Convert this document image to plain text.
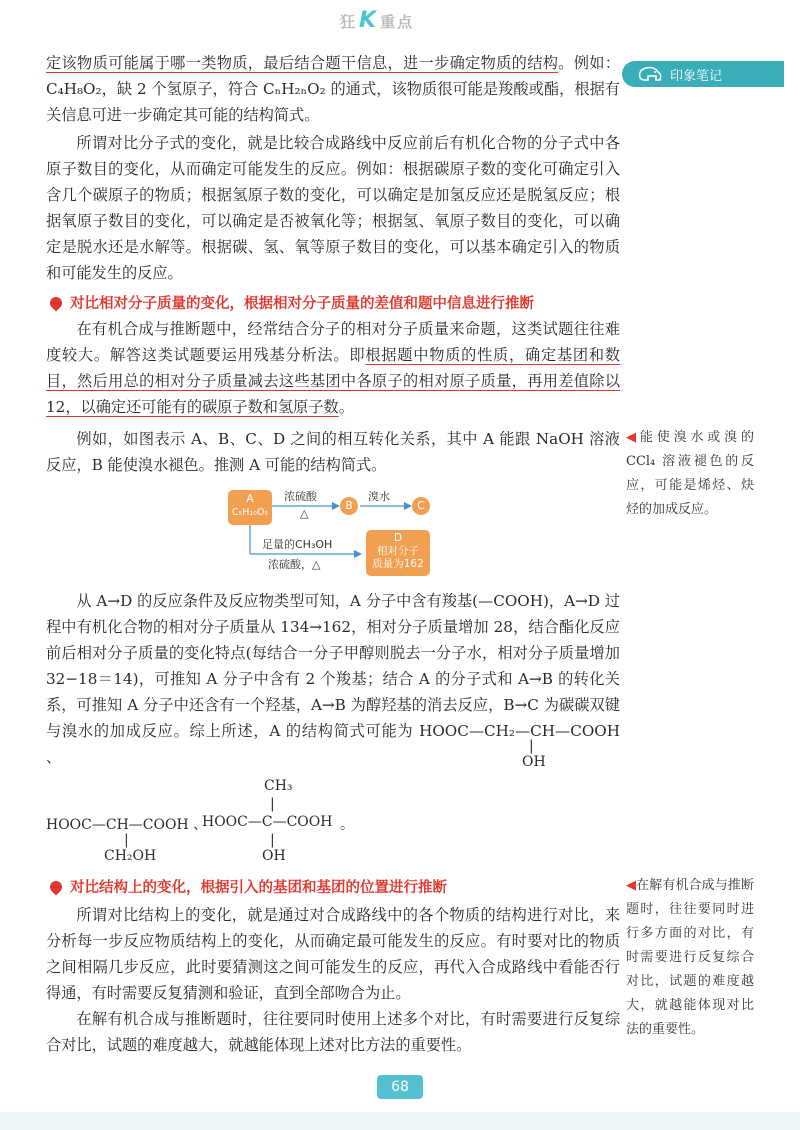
狂K 重点
印象笔记

定该物质可能属于哪一类物质，最后结合题干信息，进一步确定物质的结构。例如：C₄H₈O₂，缺 2 个氢原子，符合 CₙH₂ₙO₂ 的通式，该物质很可能是羧酸或酯，根据有关信息可进一步确定其可能的结构简式。

所谓对比分子式的变化，就是比较合成路线中反应前后有机化合物的分子式中各原子数目的变化，从而确定可能发生的反应。例如：根据碳原子数的变化可确定引入含几个碳原子的物质；根据氢原子数的变化，可以确定是加氢反应还是脱氢反应；根据氧原子数目的变化，可以确定是否被氧化等；根据氢、氧原子数目的变化，可以确定是脱水还是水解等。根据碳、氢、氧等原子数目的变化，可以基本确定引入的物质和可能发生的反应。

对比相对分子质量的变化，根据相对分子质量的差值和题中信息进行推断

在有机合成与推断题中，经常结合分子的相对分子质量来命题，这类试题往往难度较大。解答这类试题要运用残基分析法。即根据题中物质的性质，确定基团和数目，然后用总的相对分子质量减去这些基团中各原子的相对原子质量，再用差值除以 12，以确定还可能有的碳原子数和氢原子数。

例如，如图表示 A、B、C、D 之间的相互转化关系，其中 A 能跟 NaOH 溶液反应，B 能使溴水褪色。推测 A 可能的结构简式。

◀能使溴水或溴的 CCl₄ 溶液褪色的反应，可能是烯烃、炔烃的加成反应。
A
C₅H₁₀O₅
B	C
D
相对分子
质量为162
浓硫酸
△
溴水
足量的CH₃OH
浓硫酸，△

从 A→D 的反应条件及反应物类型可知，A 分子中含有羧基(—COOH)，A→D 过程中有机化合物的相对分子质量从 134→162，相对分子质量增加 28，结合酯化反应前后相对分子质量的变化特点(每结合一分子甲醇则脱去一分子水，相对分子质量增加 32−18＝14)，可推知 A 分子中含有 2 个羧基；结合 A 的分子式和 A→B 的转化关系，可推知 A 分子中还含有一个羟基，A→B 为醇羟基的消去反应，B→C 为碳碳双键与溴水的加成反应。综上所述，A 的结构简式可能为 HOOC—CH₂—CH—COOH 、

|
OH
CH₃
|
HOOC—CH—COOH 、
HOOC—C—COOH 。
|	|
CH₂OH	OH
对比结构上的变化，根据引入的基团和基团的位置进行推断	◀在解有机合成与推断题时，往往要同时进行多方面的对比，有时需要进行反复综合对比，试题的难度越大，就越能体现对比法的重要性。

所谓对比结构上的变化，就是通过对合成路线中的各个物质的结构进行对比，来分析每一步反应物质结构上的变化，从而确定最可能发生的反应。有时要对比的物质之间相隔几步反应，此时要猜测这之间可能发生的反应，再代入合成路线中看能否行得通，有时需要反复猜测和验证，直到全部吻合为止。

在解有机合成与推断题时，往往要同时使用上述多个对比，有时需要进行反复综合对比，试题的难度越大，就越能体现上述对比方法的重要性。

68
